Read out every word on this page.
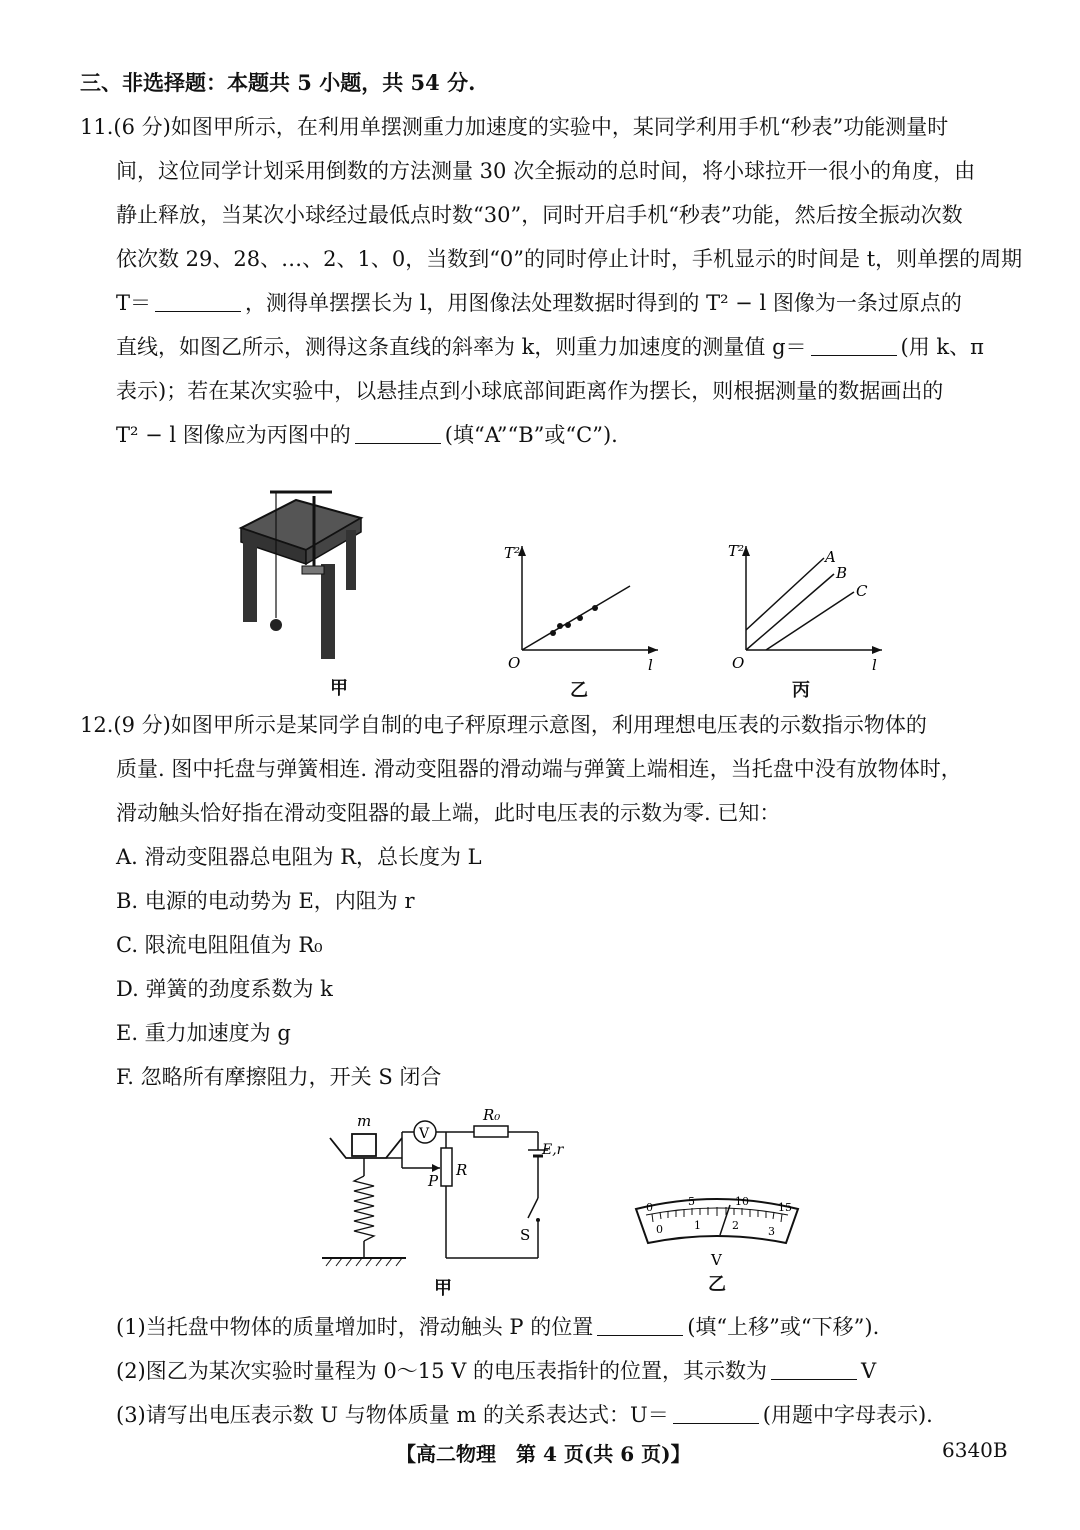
三、非选择题：本题共 5 小题，共 54 分.
11.(6 分)如图甲所示，在利用单摆测重力加速度的实验中，某同学利用手机“秒表”功能测量时
间，这位同学计划采用倒数的方法测量 30 次全振动的总时间，将小球拉开一很小的角度，由
静止释放，当某次小球经过最低点时数“30”，同时开启手机“秒表”功能，然后按全振动次数
依次数 29、28、…、2、1、0，当数到“0”的同时停止计时，手机显示的时间是 t，则单摆的周期
T＝	，测得单摆摆长为 l，用图像法处理数据时得到的 T² − l 图像为一条过原点的
直线，如图乙所示，测得这条直线的斜率为 k，则重力加速度的测量值 g＝	(用 k、π
表示)；若在某次实验中，以悬挂点到小球底部间距离作为摆长，则根据测量的数据画出的
T² − l 图像应为丙图中的	(填“A”“B”或“C”).
甲
T²
O	l
乙
T²
O	l
A
B
C
丙
12.(9 分)如图甲所示是某同学自制的电子秤原理示意图，利用理想电压表的示数指示物体的
质量. 图中托盘与弹簧相连. 滑动变阻器的滑动端与弹簧上端相连，当托盘中没有放物体时，
滑动触头恰好指在滑动变阻器的最上端，此时电压表的示数为零. 已知：
A. 滑动变阻器总电阻为 R，总长度为 L
B. 电源的电动势为 E，内阻为 r
C. 限流电阻阻值为 R₀
D. 弹簧的劲度系数为 k
E. 重力加速度为 g
F. 忽略所有摩擦阻力，开关 S 闭合
m
P
V
R
R₀
E,r
S
甲
0	5	10	15
0	1	2	3
V
乙
(1)当托盘中物体的质量增加时，滑动触头 P 的位置	(填“上移”或“下移”).
(2)图乙为某次实验时量程为 0～15 V 的电压表指针的位置，其示数为	V
(3)请写出电压表示数 U 与物体质量 m 的关系表达式：U＝	(用题中字母表示).
【高二物理　第 4 页(共 6 页)】	6340B
